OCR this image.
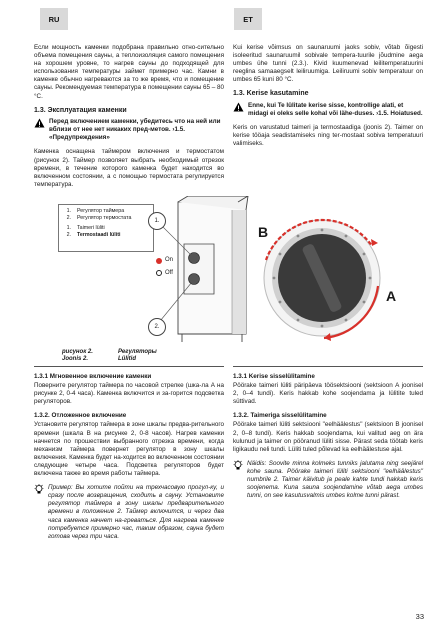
RU	ET

Если мощность каменки подобрана правильно отно-сительно объема помещения сауны, а теплоизоляция самого помещения на хорошем уровне, то нагрев сауны до подходящей для использования температуры займет примерно час. Камни в каменке обычно нагреваются за то же время, что и помещение сауны. Рекомендуемая температура в помещении сауны 65 – 80 °С.

1.3. Эксплуатация каменки
Перед включением каменки, убедитесь что на ней или вблизи от нее нет никаких пред-метов. ›1.5. «Предупреждения»

Каменка оснащена таймером включения и термостатом (рисунок 2). Таймер позволяет выбрать необходимый отрезок времени, в течение которого каменка будет находится во включенном состоянии, а с помощью термостата регулируется температура.

Kui kerise võimsus on saunaruumi jaoks sobiv, võtab õigesti isoleeritud saunaruumil sobivale tempera-tuurile jõudmine aega umbes ühe tunni (2.3.). Kivid kuumenevad leilitemperatuurini reeglina samaaegselt leiliruumiga. Leiliruumi sobiv temperatuur on umbes 65 kuni 80 °C.

1.3. Kerise kasutamine
Enne, kui Te lülitate kerise sisse, kontrollige alati, et midagi ei oleks selle kohal või lähe-duses. ›1.5. Hoiatused.

Keris on varustatud taimeri ja termostaadiga (joonis 2). Taimer on kerise tööaja seadistamiseks ning ter-mostaat sobiva temperatuuri valimiseks.

1.	Регулятор таймера
2.	Регулятор термостата
1.	Taimeri lüliti
2.	Termostaadi lüliti
1.
2.
On
Off
B
A
рисунок 2.
Joonis 2.
Регуляторы
Lülitid
1.3.1 Мгновенное включение каменки

Поверните регулятор таймера по часовой стрелке (шка-ла А на рисунке 2, 0-4 часа). Каменка включится и за-горится подсветка регуляторов.

1.3.2. Отложенное включение

Установите регулятор таймера в зоне шкалы предва-рительного времени (шкала В на рисунке 2, 0-8 часов). Нагрев каменки начнется по прошествии выбранного отрезка времени, когда механизм таймера повернет регулятор в зону шкалы включения. Каменка будет на-ходится во включенном состоянии следующие четыре часа. Подсветка регуляторов будет включена также во время работы таймера.

Пример: Вы хотите пойти на трехчасовую прогул-ку, и сразу после возвращения, сходить в сауну. Установите регулятор таймера в зону шкалы предварительного времени в положение 2. Таймер включится, и через два часа каменка начнет на-греваться. Для нагрева каменке потребуется примерно час, таким образом, сауна будет готова через три часа.
1.3.1 Kerise sisselülitamine

Pöörake taimeri lüliti päripäeva töösektsiooni (sektsioon A joonisel 2, 0–4 tundi). Keris hakkab kohe soojendama ja lülitite tuled süttivad.

1.3.2. Taimeriga sisselülitamine

Pöörake taimeri lüliti sektsiooni "eelhäälestus" (sektsioon B joonisel 2, 0–8 tundi). Keris hakkab soojendama, kui valitud aeg on ära kulunud ja taimer on pööranud lüliti sisse. Pärast seda töötab keris ligikaudu neli tundi. Lüliti tuled põlevad ka eelhäälestuse ajal.

Näidis: Soovite minna kolmeks tunniks jalutama ning seejärel kohe sauna. Pöörake taimeri lüliti sektsiooni "eelhäälestus" numbrile 2. Taimer käivitub ja peale kahte tundi hakkab keris soojenema. Kuna sauna soojendamine võtab aega umbes tunni, on see kasutusvalmis umbes kolme tunni pärast.
33
